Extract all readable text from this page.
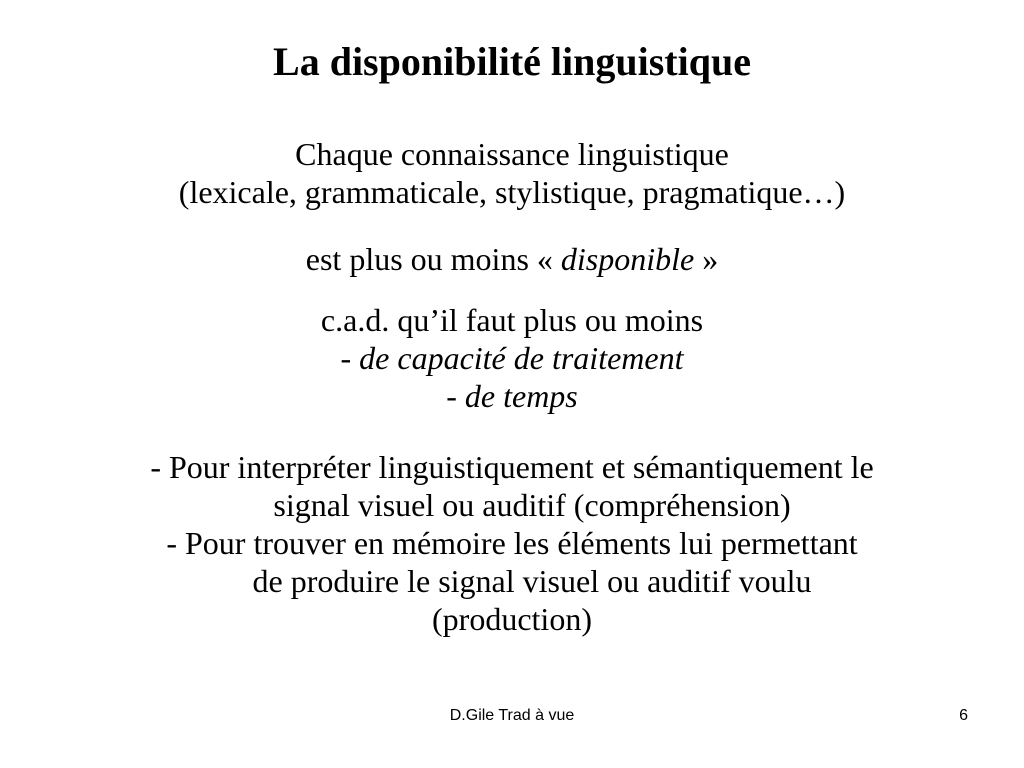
La disponibilité linguistique
Chaque connaissance linguistique
(lexicale, grammaticale, stylistique, pragmatique…)
est plus ou moins « disponible »
c.a.d. qu’il faut plus ou moins
- de capacité de traitement
- de temps
- Pour interpréter linguistiquement et sémantiquement le
signal visuel ou auditif (compréhension)
- Pour trouver en mémoire les éléments lui permettant
de produire le signal visuel ou auditif voulu
(production)
D.Gile Trad à vue	6
